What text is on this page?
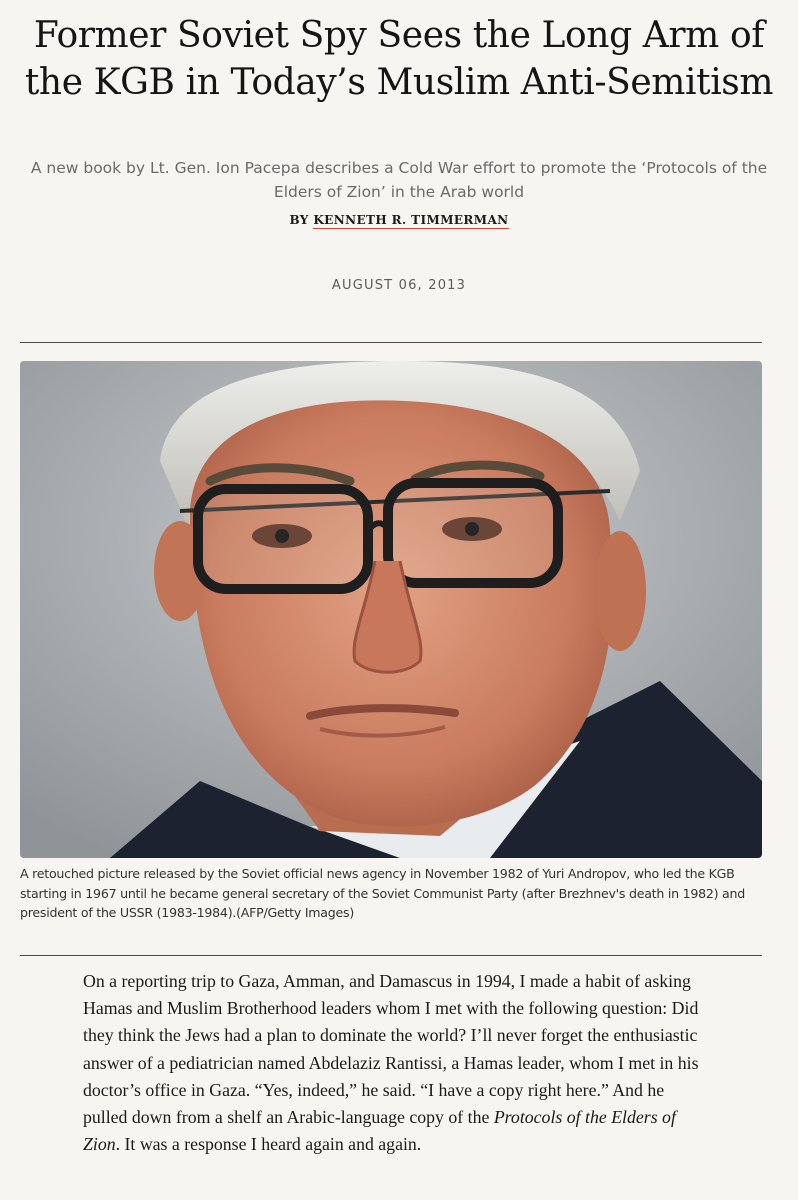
Former Soviet Spy Sees the Long Arm of the KGB in Today’s Muslim Anti-Semitism

A new book by Lt. Gen. Ion Pacepa describes a Cold War effort to promote the ‘Protocols of the Elders of Zion’ in the Arab world

BY KENNETH R. TIMMERMAN
AUGUST 06, 2013

A retouched picture released by the Soviet official news agency in November 1982 of Yuri Andropov, who led the KGB starting in 1967 until he became general secretary of the Soviet Communist Party (after Brezhnev's death in 1982) and president of the USSR (1983-1984).(AFP/Getty Images)

On a reporting trip to Gaza, Amman, and Damascus in 1994, I made a habit of asking Hamas and Muslim Brotherhood leaders whom I met with the following question: Did they think the Jews had a plan to dominate the world? I’ll never forget the enthusiastic answer of a pediatrician named Abdelaziz Rantissi, a Hamas leader, whom I met in his doctor’s office in Gaza. “Yes, indeed,” he said. “I have a copy right here.” And he pulled down from a shelf an Arabic-language copy of the Protocols of the Elders of Zion. It was a response I heard again and again.
